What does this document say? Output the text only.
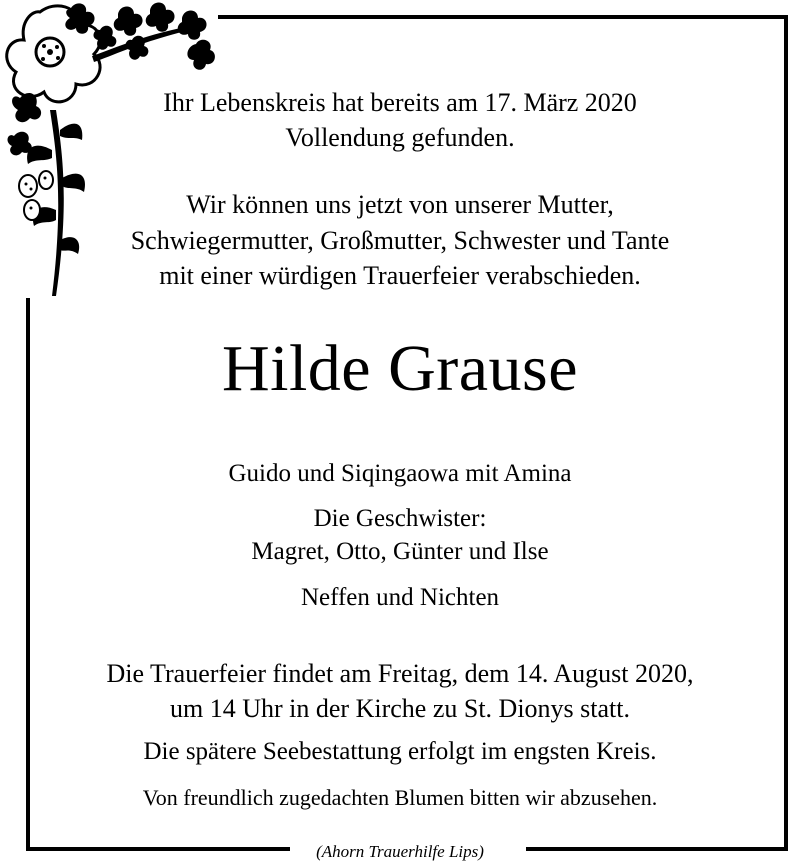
Ihr Lebenskreis hat bereits am 17. März 2020
Vollendung gefunden.
Wir können uns jetzt von unserer Mutter,
Schwiegermutter, Großmutter, Schwester und Tante
mit einer würdigen Trauerfeier verabschieden.
Hilde Grause
Guido und Siqingaowa mit Amina
Die Geschwister:
Magret, Otto, Günter und Ilse
Neffen und Nichten
Die Trauerfeier findet am Freitag, dem 14. August 2020,
um 14 Uhr in der Kirche zu St. Dionys statt.
Die spätere Seebestattung erfolgt im engsten Kreis.
Von freundlich zugedachten Blumen bitten wir abzusehen.
(Ahorn Trauerhilfe Lips)
